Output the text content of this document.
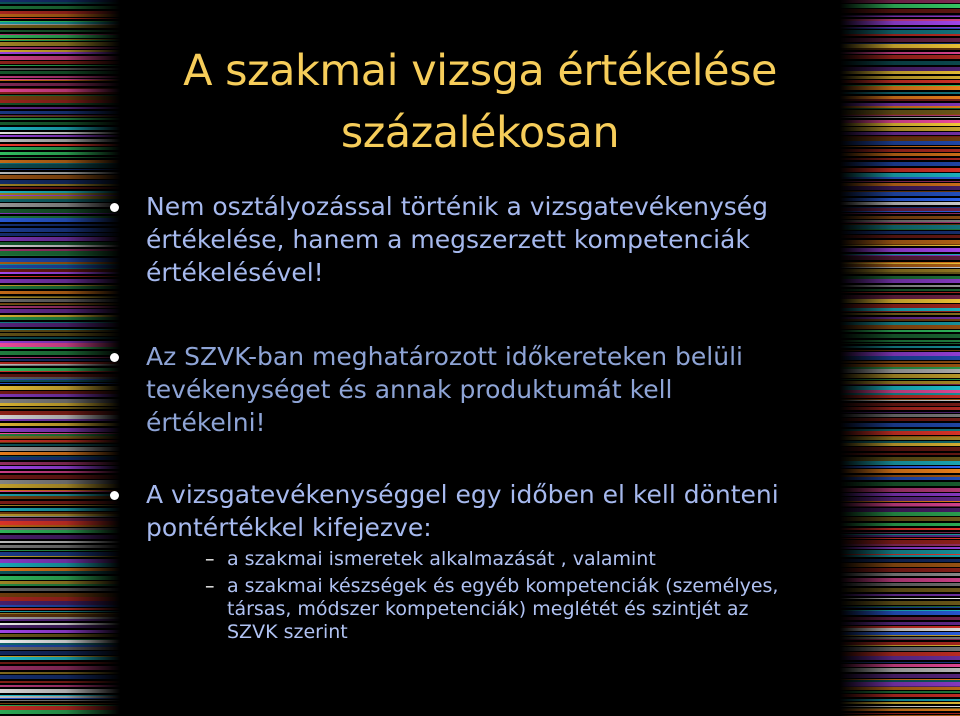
A szakmai vizsga értékelése
százalékosan
Nem osztályozással történik a vizsgatevékenység
értékelése, hanem a megszerzett kompetenciák
értékelésével!
Az SZVK-ban meghatározott időkereteken belüli
tevékenységet és annak produktumát kell
értékelni!
A vizsgatevékenységgel egy időben el kell dönteni
pontértékkel kifejezve:
– a szakmai ismeretek alkalmazását , valamint
– a szakmai készségek és egyéb kompetenciák (személyes,
társas, módszer kompetenciák) meglétét és szintjét az
SZVK szerint
